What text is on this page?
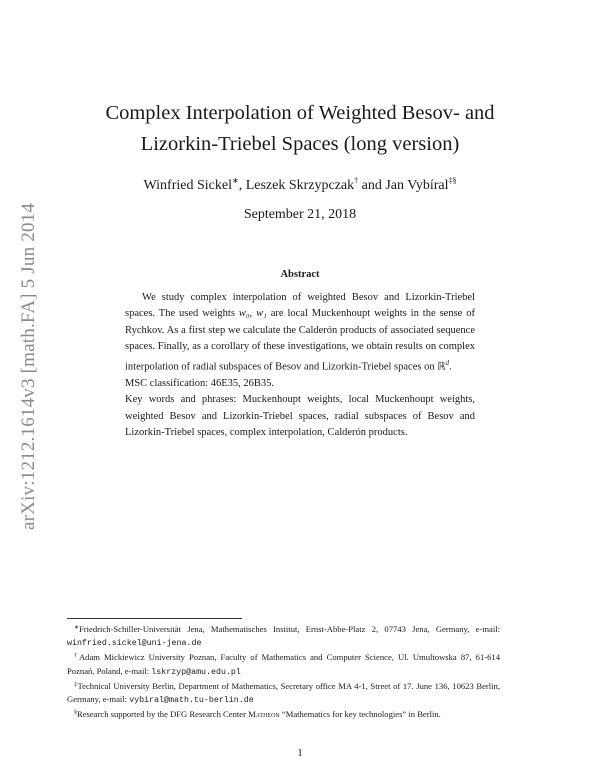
arXiv:1212.1614v3 [math.FA] 5 Jun 2014
Complex Interpolation of Weighted Besov- and
Lizorkin-Triebel Spaces (long version)
Winfried Sickel∗, Leszek Skrzypczak† and Jan Vybíral‡§
September 21, 2018
Abstract

We study complex interpolation of weighted Besov and Lizorkin-Triebel spaces. The used weights w₀, w₁ are local Muckenhoupt weights in the sense of Rychkov. As a first step we calculate the Calderón products of associated sequence spaces. Finally, as a corollary of these investigations, we obtain results on complex interpolation of radial subspaces of Besov and Lizorkin-Triebel spaces on ℝ$^d$.

MSC classification: 46E35, 26B35.

Key words and phrases: Muckenhoupt weights, local Muckenhoupt weights, weighted Besov and Lizorkin-Triebel spaces, radial subspaces of Besov and Lizorkin-Triebel spaces, complex interpolation, Calderón products.

∗Friedrich-Schiller-Universität Jena, Mathematisches Institut, Ernst-Abbe-Platz 2, 07743 Jena, Germany, e-mail: winfried.sickel@uni-jena.de

†Adam Mickiewicz University Poznan, Faculty of Mathematics and Computer Science, Ul. Umultowska 87, 61-614 Poznań, Poland, e-mail: lskrzyp@amu.edu.pl

‡Technical University Berlin, Department of Mathematics, Secretary office MA 4-1, Street of 17. June 136, 10623 Berlin, Germany, e-mail: vybiral@math.tu-berlin.de

§Research supported by the DFG Research Center Matheon “Mathematics for key technologies” in Berlin.

1
